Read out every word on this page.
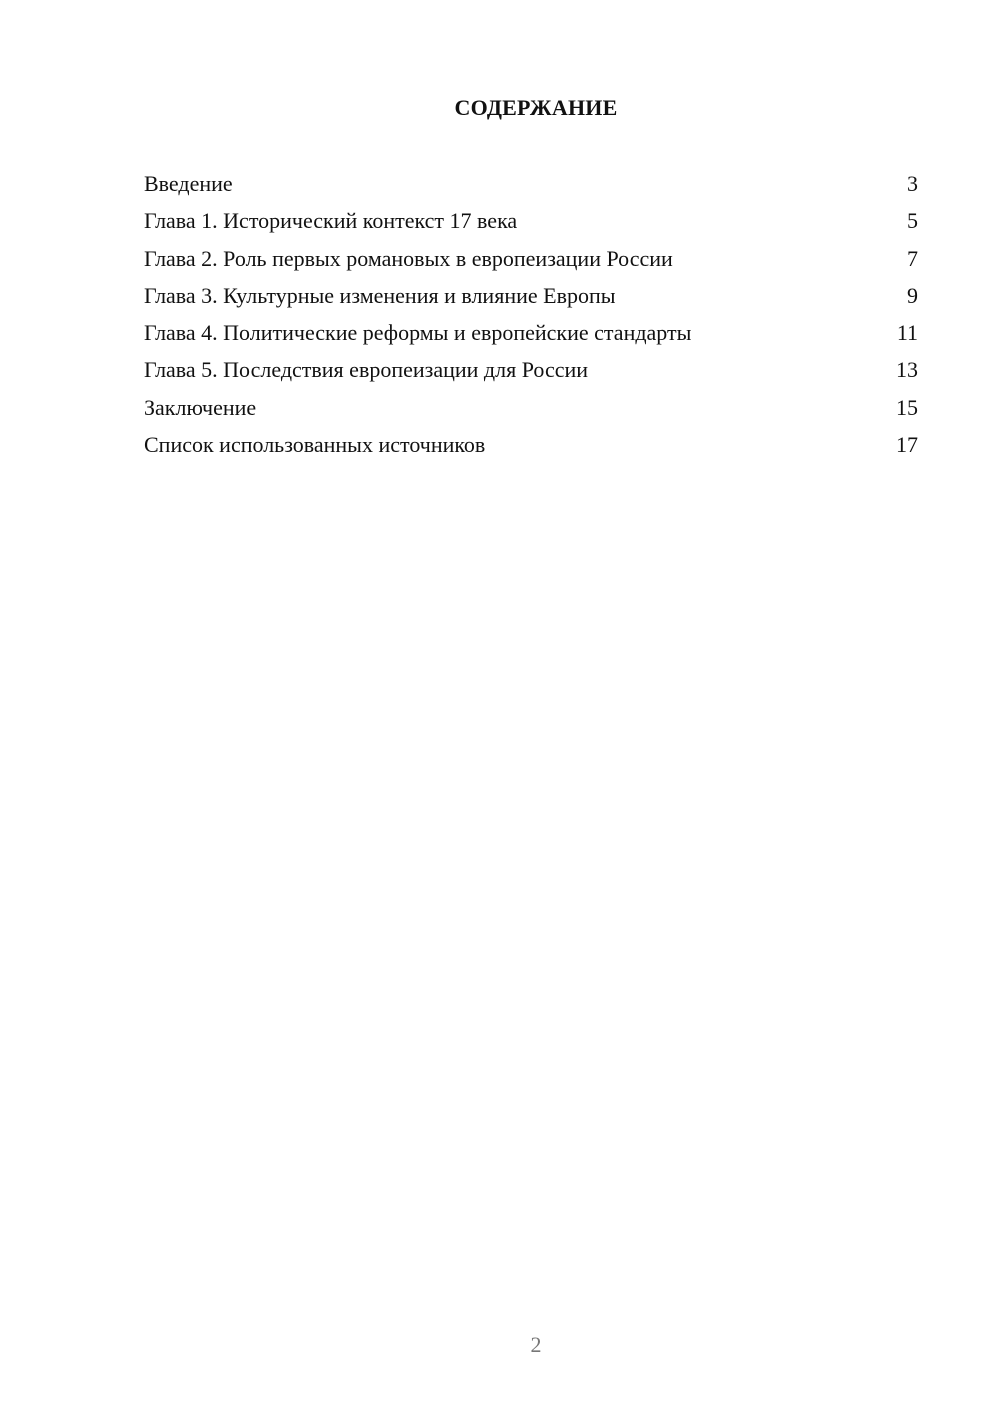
СОДЕРЖАНИЕ
Введение	3
Глава 1. Исторический контекст 17 века	5
Глава 2. Роль первых романовых в европеизации России	7
Глава 3. Культурные изменения и влияние Европы	9
Глава 4. Политические реформы и европейские стандарты	11
Глава 5. Последствия европеизации для России	13
Заключение	15
Список использованных источников	17
2
